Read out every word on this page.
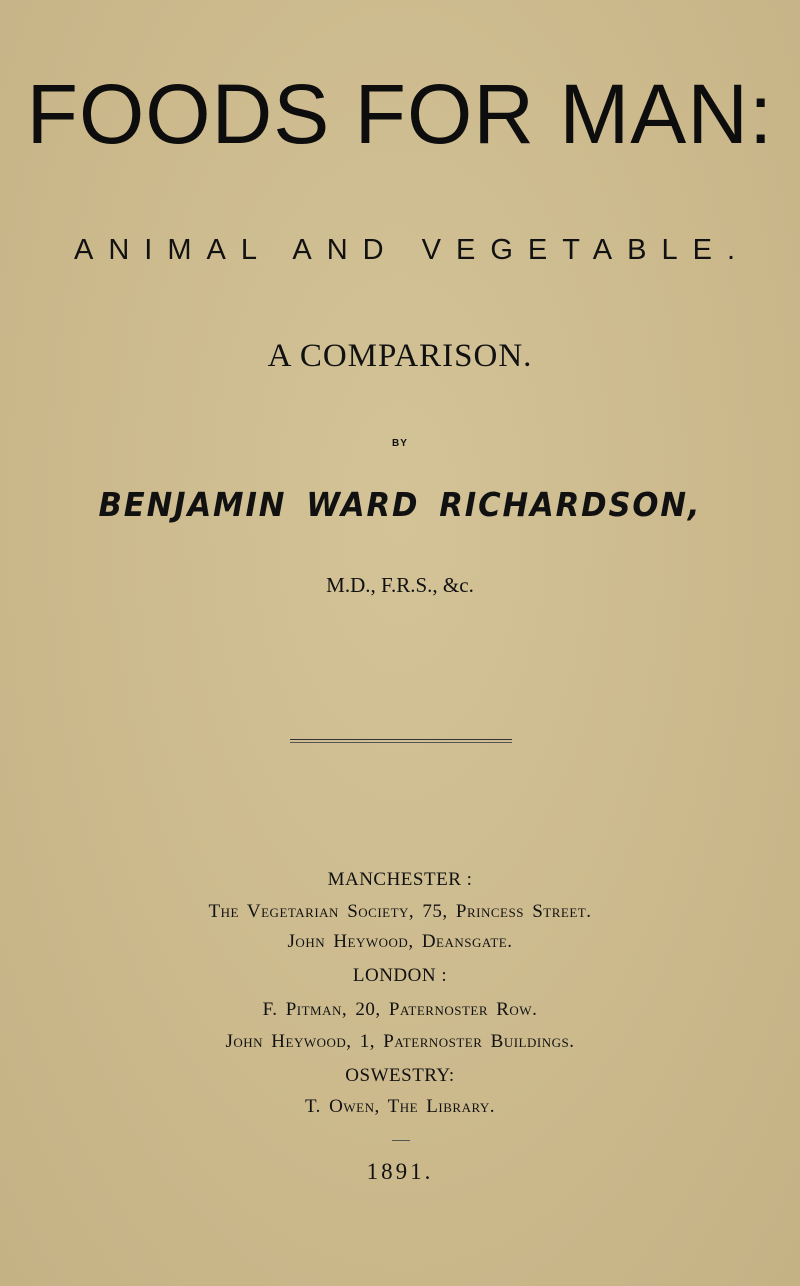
FOODS FOR MAN:
ANIMAL AND VEGETABLE.
A COMPARISON.
BY
BENJAMIN WARD RICHARDSON,
M.D., F.R.S., &c.
MANCHESTER :
The Vegetarian Society, 75, Princess Street.
John Heywood, Deansgate.
LONDON :
F. Pitman, 20, Paternoster Row.
John Heywood, 1, Paternoster Buildings.
OSWESTRY:
T. Owen, The Library.
1891.
